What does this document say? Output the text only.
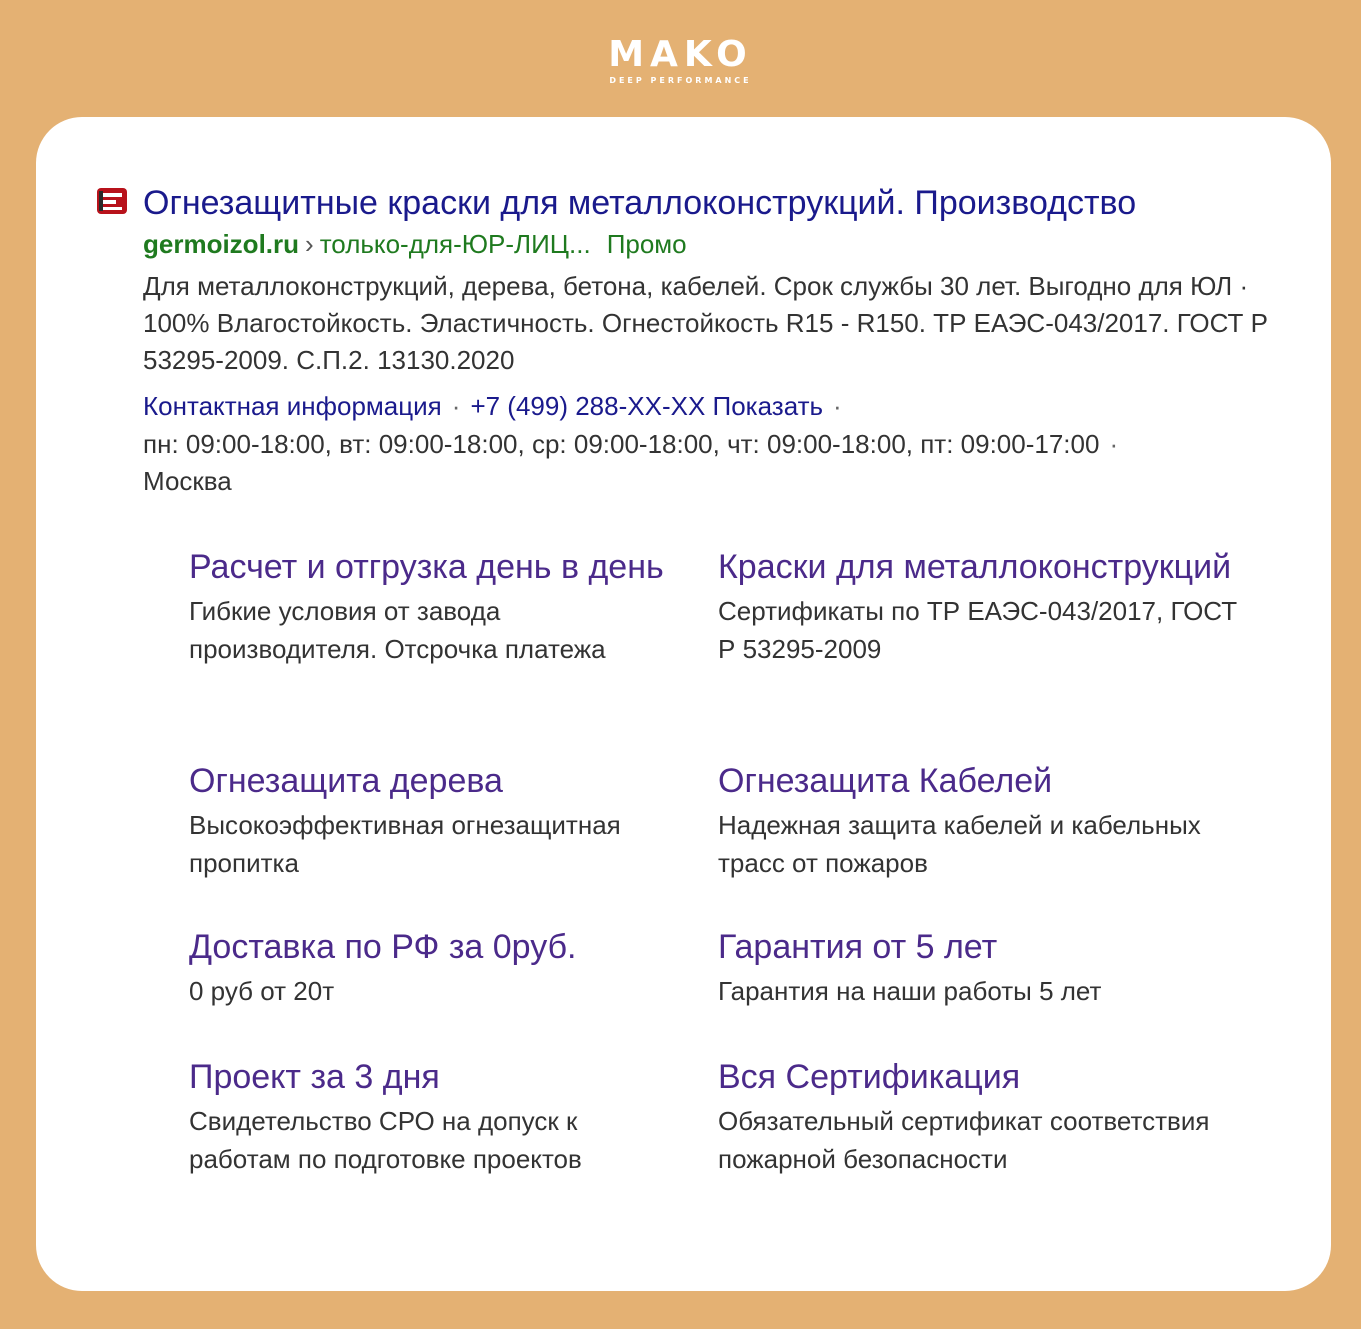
MAKO
DEEP PERFORMANCE
Огнезащитные краски для металлоконструкций. Производство
germoizol.ru › только-для-ЮР-ЛИЦ... Промо
Для металлоконструкций, дерева, бетона, кабелей. Срок службы 30 лет. Выгодно для ЮЛ · 100% Влагостойкость. Эластичность. Огнестойкость R15 - R150. ТР ЕАЭС-043/2017. ГОСТ Р 53295-2009. С.П.2. 13130.2020
Контактная информация · +7 (499) 288-XX-XX Показать ·
пн: 09:00-18:00, вт: 09:00-18:00, ср: 09:00-18:00, чт: 09:00-18:00, пт: 09:00-17:00 ·
Москва
Расчет и отгрузка день в день
Гибкие условия от завода производителя. Отсрочка платежа
Краски для металлоконструкций
Сертификаты по ТР ЕАЭС-043/2017, ГОСТ Р 53295-2009
Огнезащита дерева
Высокоэффективная огнезащитная пропитка
Огнезащита Кабелей
Надежная защита кабелей и кабельных трасс от пожаров
Доставка по РФ за 0руб.
0 руб от 20т
Гарантия от 5 лет
Гарантия на наши работы 5 лет
Проект за 3 дня
Свидетельство СРО на допуск к работам по подготовке проектов
Вся Сертификация
Обязательный сертификат соответствия пожарной безопасности
